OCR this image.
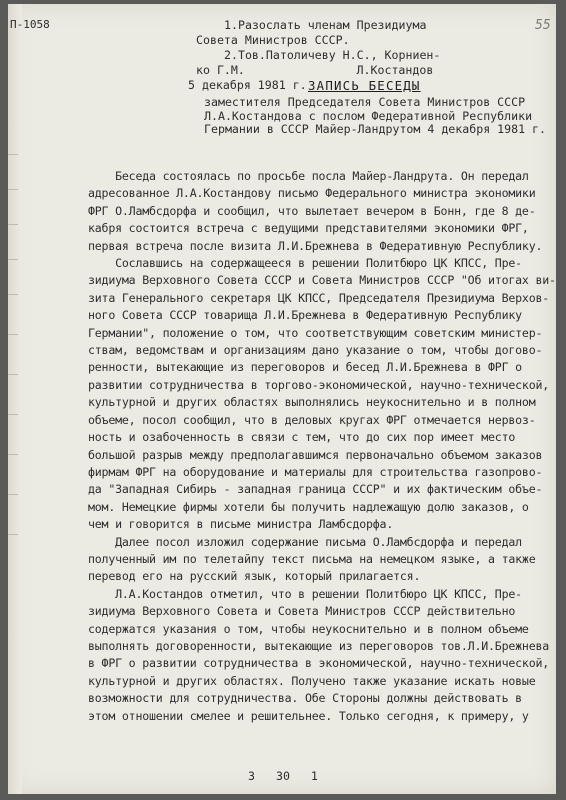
П-1058	55
1.Разослать членам Президиума
Совета Министров СССР.
2.Тов.Патоличеву Н.С., Корниен-
ко Г.М.                Л.Костандов
5 декабря 1981 г. ЗАПИСЬ БЕСЕДЫ
заместителя Председателя Совета Министров СССР
Л.А.Костандова с послом Федеративной Республики
Германии в СССР Майер-Ландрутом 4 декабря 1981 г.
Беседа состоялась по просьбе посла Майер-Ландрута. Он передал
адресованное Л.А.Костандову письмо Федерального министра экономики
ФРГ О.Ламбсдорфа и сообщил, что вылетает вечером в Бонн, где 8 де-
кабря состоится встреча с ведущими представителями экономики ФРГ,
первая встреча после визита Л.И.Брежнева в Федеративную Республику.
Сославшись на содержащееся в решении Политбюро ЦК КПСС, Пре-
зидиума Верховного Совета СССР и Совета Министров СССР "Об итогах ви-
зита Генерального секретаря ЦК КПСС, Председателя Президиума Верхов-
ного Совета СССР товарища Л.И.Брежнева в Федеративную Республику
Германии", положение о том, что соответствующим советским министер-
ствам, ведомствам и организациям дано указание о том, чтобы догово-
ренности, вытекающие из переговоров и бесед Л.И.Брежнева в ФРГ о
развитии сотрудничества в торгово-экономической, научно-технической,
культурной и других областях выполнялись неукоснительно и в полном
объеме, посол сообщил, что в деловых кругах ФРГ отмечается нервоз-
ность и озабоченность в связи с тем, что до сих пор имеет место
большой разрыв между предполагавшимся первоначально объемом заказов
фирмам ФРГ на оборудование и материалы для строительства газопрово-
да "Западная Сибирь - западная граница СССР" и их фактическим объе-
мом. Немецкие фирмы хотели бы получить надлежащую долю заказов, о
чем и говорится в письме министра Ламбсдорфа.
Далее посол изложил содержание письма О.Ламбсдорфа и передал
полученный им по телетайпу текст письма на немецком языке, а также
перевод его на русский язык, который прилагается.
Л.А.Костандов отметил, что в решении Политбюро ЦК КПСС, Пре-
зидиума Верховного Совета и Совета Министров СССР действительно
содержатся указания о том, чтобы неукоснительно и в полном объеме
выполнять договоренности, вытекающие из переговоров тов.Л.И.Брежнева
в ФРГ о развитии сотрудничества в экономической, научно-технической,
культурной и других областях. Получено также указание искать новые
возможности для сотрудничества. Обе Стороны должны действовать в
этом отношении смелее и решительнее. Только сегодня, к примеру, у
3 30 1
